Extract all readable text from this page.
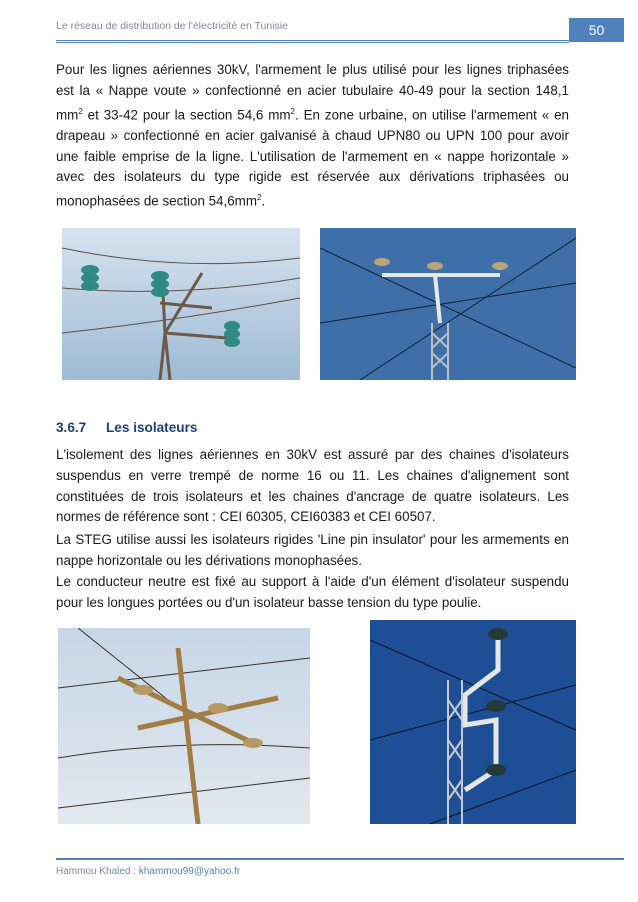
Le réseau de distribution de l'électricité en Tunisie	50

Pour les lignes aériennes 30kV, l'armement le plus utilisé pour les lignes triphasées est la « Nappe voute » confectionné en acier tubulaire 40-49 pour la section 148,1 $mm^2$ et 33-42 pour la section 54,6 $mm^2$. En zone urbaine, on utilise l'armement « en drapeau » confectionné en acier galvanisé à chaud UPN80 ou UPN 100 pour avoir une faible emprise de la ligne. L'utilisation de l'armement en « nappe horizontale » avec des isolateurs du type rigide est réservée aux dérivations triphasées ou monophasées de section $54,6mm^2$.

3.6.7 Les isolateurs

L'isolement des lignes aériennes en 30kV est assuré par des chaines d'isolateurs suspendus en verre trempé de norme 16 ou 11. Les chaines d'alignement sont constituées de trois isolateurs et les chaines d'ancrage de quatre isolateurs. Les normes de référence sont : CEI 60305, CEI60383 et CEI 60507.

La STEG utilise aussi les isolateurs rigides 'Line pin insulator' pour les armements en nappe horizontale ou les dérivations monophasées.

Le conducteur neutre est fixé au support à l'aide d'un élément d'isolateur suspendu pour les longues portées ou d'un isolateur basse tension du type poulie.

Hammou Khaled : khammou99@yahoo.fr
